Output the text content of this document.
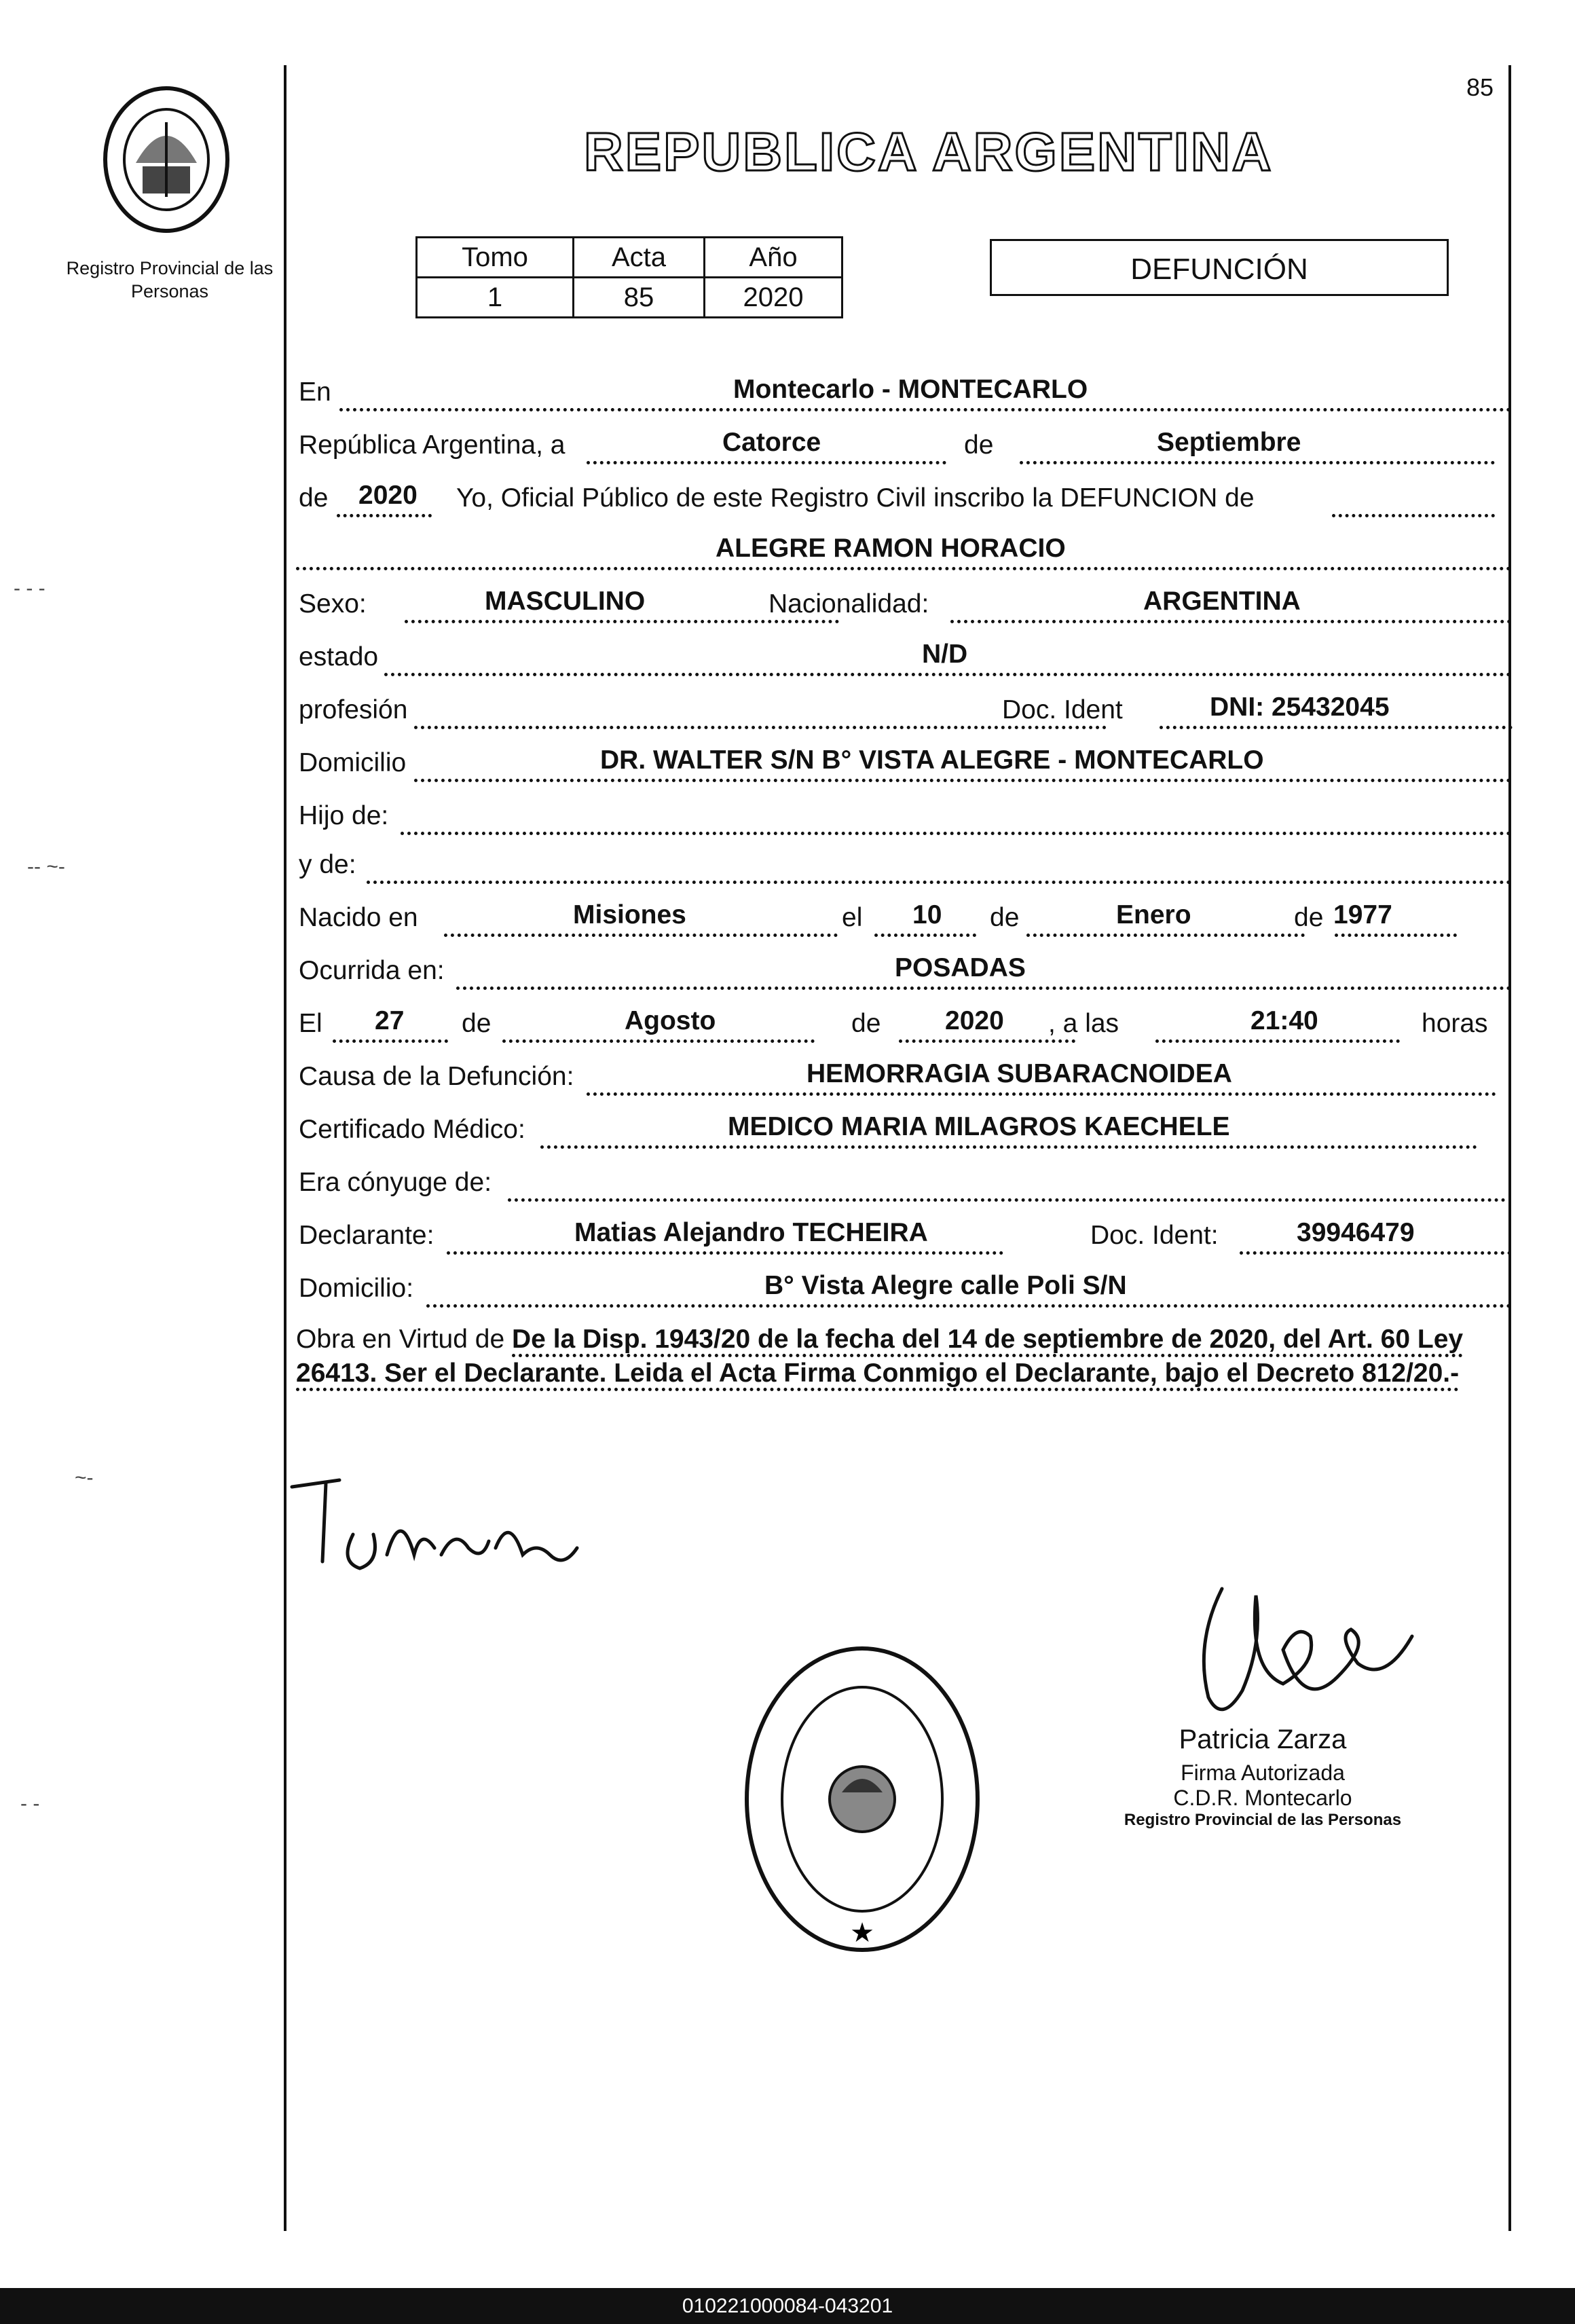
Registro Provincial de las Personas
85
REPUBLICA ARGENTINA
Tomo	Acta	Año
1	85	2020
DEFUNCIÓN
En	Montecarlo - MONTECARLO
República Argentina, a	Catorce	de	Septiembre
de 2020 Yo, Oficial Público de este Registro Civil inscribo la DEFUNCION de
ALEGRE RAMON HORACIO
Sexo:	MASCULINO	Nacionalidad:	ARGENTINA
estado	N/D
profesión	Doc. Ident	DNI: 25432045
Domicilio	DR. WALTER S/N B° VISTA ALEGRE - MONTECARLO
Hijo de:
y de:
Nacido en	Misiones	el 10 de	Enero	de 1977
Ocurrida en:	POSADAS
El 27 de	Agosto	de 2020 , a las	21:40	horas
Causa de la Defunción:	HEMORRAGIA SUBARACNOIDEA
Certificado Médico:	MEDICO MARIA MILAGROS KAECHELE
Era cónyuge de:
Declarante:	Matias Alejandro TECHEIRA	Doc. Ident:	39946479
Domicilio:	B° Vista Alegre calle Poli S/N
Obra en Virtud de De la Disp. 1943/20 de la fecha del 14 de septiembre de 2020, del Art. 60 Ley 26413. Ser el Declarante. Leida el Acta Firma Conmigo el Declarante, bajo el Decreto 812/20.-
★
Patricia Zarza
Firma Autorizada
C.D.R. Montecarlo
Registro Provincial de las Personas
- - -
-- ~-
~-
- -
010221000084-043201
